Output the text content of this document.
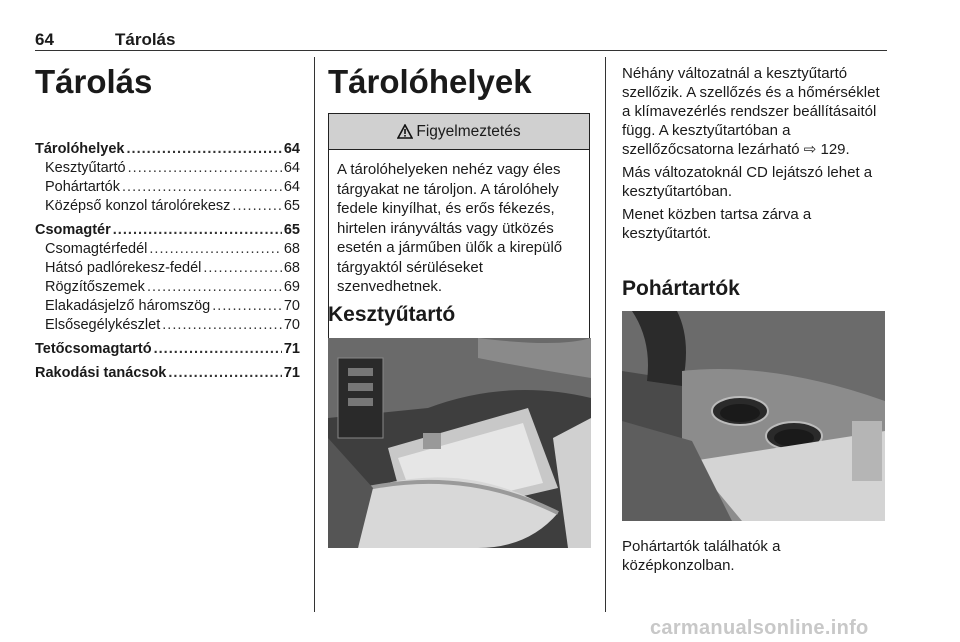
64	Tárolás
Tárolás
Tárolóhelyek . . .	64
Kesztyűtartó . . .	64
Pohártartók . . .	64
Középső konzol tárolórekesz . . .	65
Csomagtér . . .	65
Csomagtérfedél . . .	68
Hátsó padlórekesz-fedél . . .	68
Rögzítőszemek . . .	69
Elakadásjelző háromszög . . .	70
Elsősegélykészlet . . .	70
Tetőcsomagtartó . . .	71
Rakodási tanácsok . . .	71
Tárolóhelyek
Figyelmeztetés
A tárolóhelyeken nehéz vagy éles tárgyakat ne tároljon. A tárolóhely fedele kinyílhat, és erős fékezés, hirtelen irányváltás vagy ütközés esetén a járműben ülők a kirepülő tárgyaktól sérüléseket szenvedhetnek.
Kesztyűtartó

Néhány változatnál a kesztyűtartó szellőzik. A szellőzés és a hőmérséklet a klímavezérlés rendszer beállításaitól függ. A kesztyűtartóban a szellőzőcsatorna lezárható ⇨ 129.

Más változatoknál CD lejátszó lehet a kesztyűtartóban.

Menet közben tartsa zárva a kesztyűtartót.

Pohártartók
Pohártartók találhatók a középkonzolban.
carmanualsonline.info
